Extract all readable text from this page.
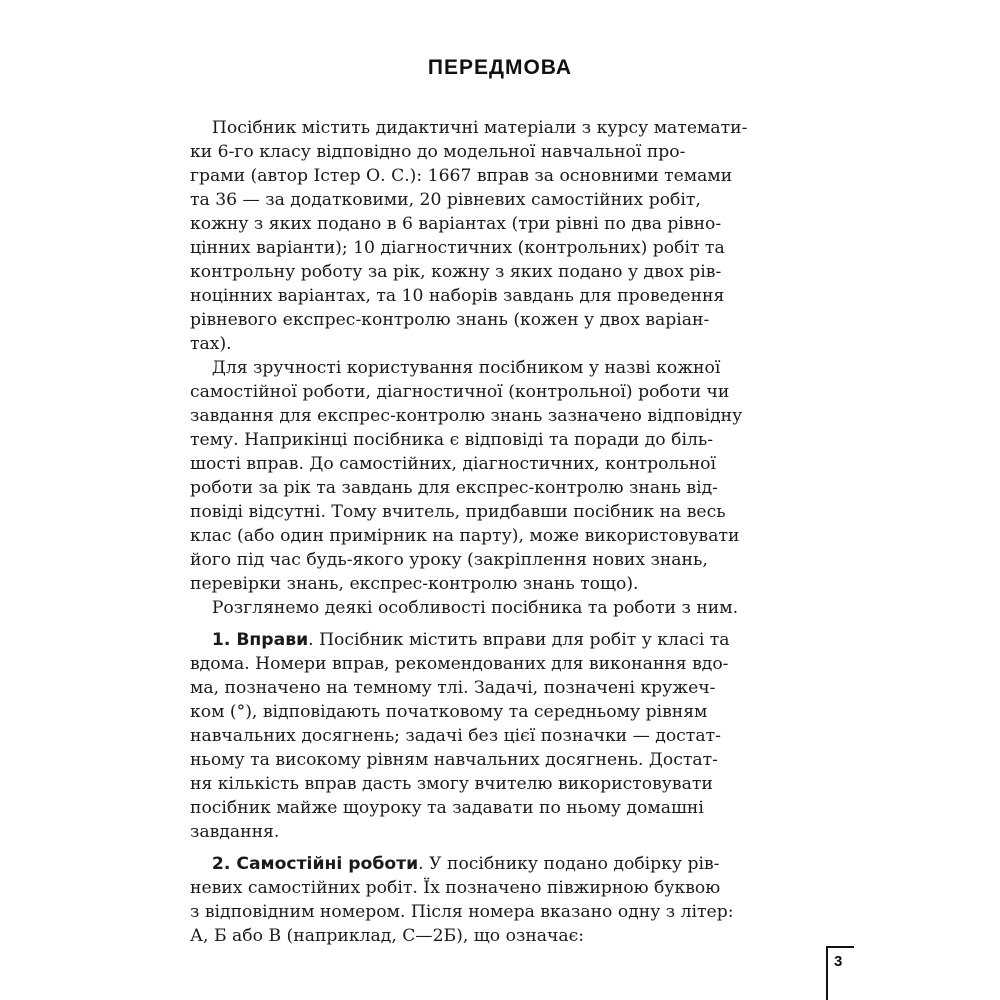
ПЕРЕДМОВА
Посібник містить дидактичні матеріали з курсу математи-
ки 6-го класу відповідно до модельної навчальної про-
грами (автор Істер О. С.): 1667 вправ за основними темами
та 36 — за додатковими, 20 рівневих самостійних робіт,
кожну з яких подано в 6 варіантах (три рівні по два рівно-
цінних варіанти); 10 діагностичних (контрольних) робіт та
контрольну роботу за рік, кожну з яких подано у двох рів-
ноцінних варіантах, та 10 наборів завдань для проведення
рівневого експрес-контролю знань (кожен у двох варіан-
тах).
Для зручності користування посібником у назві кожної
самостійної роботи, діагностичної (контрольної) роботи чи
завдання для експрес-контролю знань зазначено відповідну
тему. Наприкінці посібника є відповіді та поради до біль-
шості вправ. До самостійних, діагностичних, контрольної
роботи за рік та завдань для експрес-контролю знань від-
повіді відсутні. Тому вчитель, придбавши посібник на весь
клас (або один примірник на парту), може використовувати
його під час будь-якого уроку (закріплення нових знань,
перевірки знань, експрес-контролю знань тощо).
Розглянемо деякі особливості посібника та роботи з ним.

1. Вправи . Посібник містить вправи для робіт у класі та
вдома. Номери вправ, рекомендованих для виконання вдо-
ма, позначено на темному тлі. Задачі, позначені кружеч-
ком (°), відповідають початковому та середньому рівням
навчальних досягнень; задачі без цієї позначки — достат-
ньому та високому рівням навчальних досягнень. Достат-
ня кількість вправ дасть змогу вчителю використовувати
посібник майже щоуроку та задавати по ньому домашні
завдання.

2. Самостійні роботи . У посібнику подано добірку рів-
невих самостійних робіт. Їх позначено півжирною буквою
з відповідним номером. Після номера вказано одну з літер:
А, Б або В (наприклад, С—2Б), що означає:
3
